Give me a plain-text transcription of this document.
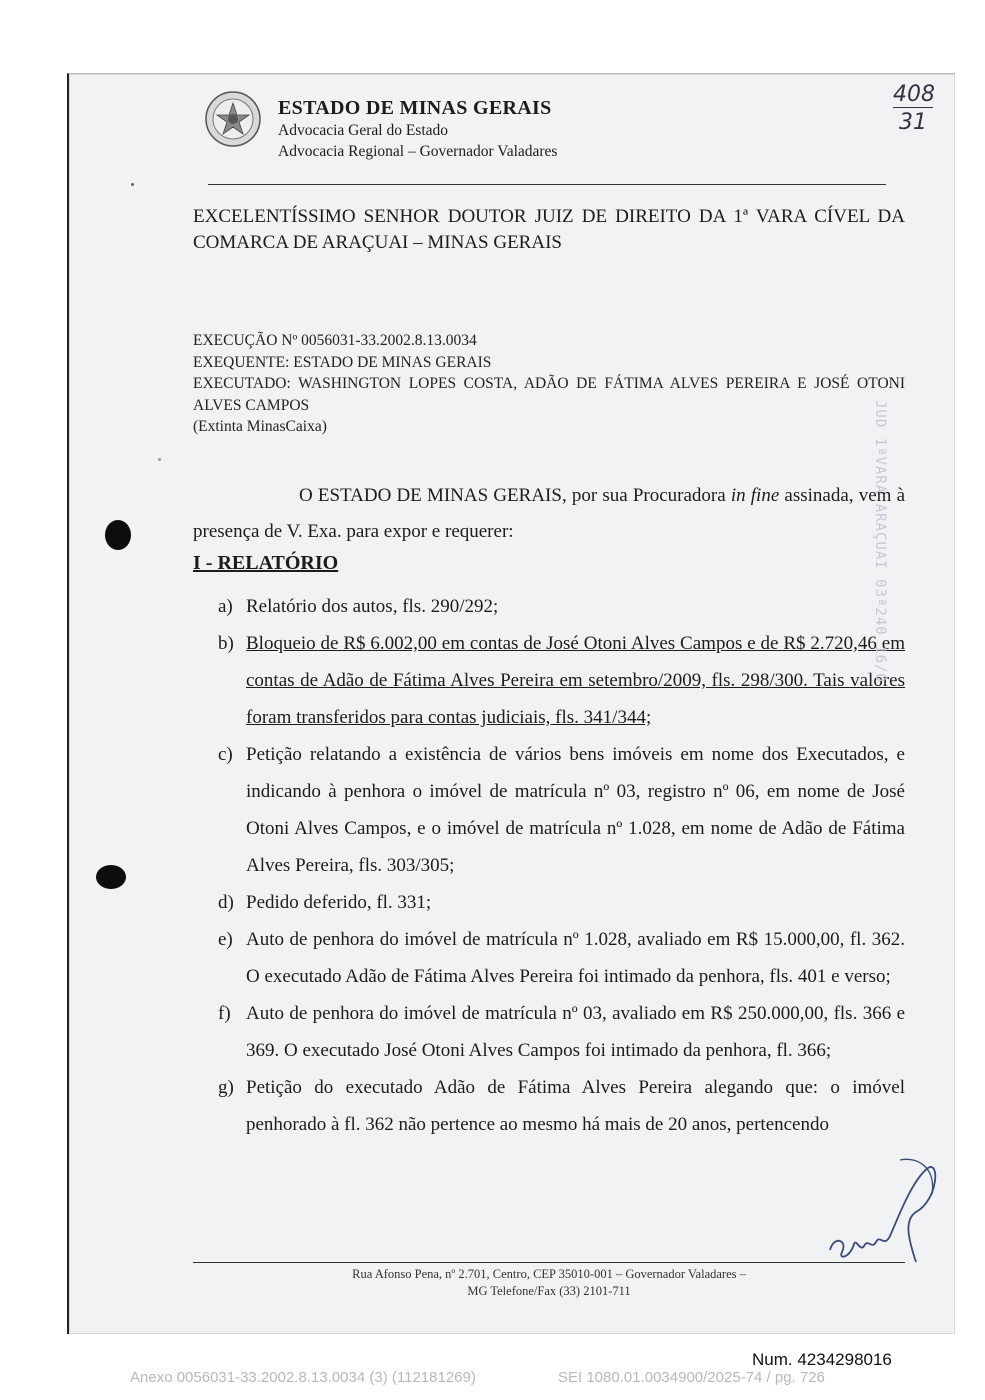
ESTADO DE MINAS GERAIS
Advocacia Geral do Estado
Advocacia Regional – Governador Valadares
408
31
EXCELENTÍSSIMO SENHOR DOUTOR JUIZ DE DIREITO DA 1ª VARA CÍVEL DA COMARCA DE ARAÇUAI – MINAS GERAIS
EXECUÇÃO Nº 0056031-33.2002.8.13.0034
EXEQUENTE: ESTADO DE MINAS GERAIS
EXECUTADO: WASHINGTON LOPES COSTA, ADÃO DE FÁTIMA ALVES PEREIRA E JOSÉ OTONI ALVES CAMPOS
(Extinta MinasCaixa)
O ESTADO DE MINAS GERAIS, por sua Procuradora in fine assinada, vem à presença de V. Exa. para expor e requerer:
I - RELATÓRIO
a) Relatório dos autos, fls. 290/292;
b) Bloqueio de R$ 6.002,00 em contas de José Otoni Alves Campos e de R$ 2.720,46 em contas de Adão de Fátima Alves Pereira em setembro/2009, fls. 298/300. Tais valores foram transferidos para contas judiciais, fls. 341/344;
c) Petição relatando a existência de vários bens imóveis em nome dos Executados, e indicando à penhora o imóvel de matrícula nº 03, registro nº 06, em nome de José Otoni Alves Campos, e o imóvel de matrícula nº 1.028, em nome de Adão de Fátima Alves Pereira, fls. 303/305;
d) Pedido deferido, fl. 331;
e) Auto de penhora do imóvel de matrícula nº 1.028, avaliado em R$ 15.000,00, fl. 362. O executado Adão de Fátima Alves Pereira foi intimado da penhora, fls. 401 e verso;
f) Auto de penhora do imóvel de matrícula nº 03, avaliado em R$ 250.000,00, fls. 366 e 369. O executado José Otoni Alves Campos foi intimado da penhora, fl. 366;
g) Petição do executado Adão de Fátima Alves Pereira alegando que: o imóvel penhorado à fl. 362 não pertence ao mesmo há mais de 20 anos, pertencendo
JUD 1ªVARA ARAÇUAI 03ª240 16/0
Rua Afonso Pena, nº 2.701, Centro, CEP 35010-001 – Governador Valadares –
MG Telefone/Fax (33) 2101-711
Num. 4234298016
Anexo 0056031-33.2002.8.13.0034 (3) (112181269)	SEI 1080.01.0034900/2025-74 / pg. 726
